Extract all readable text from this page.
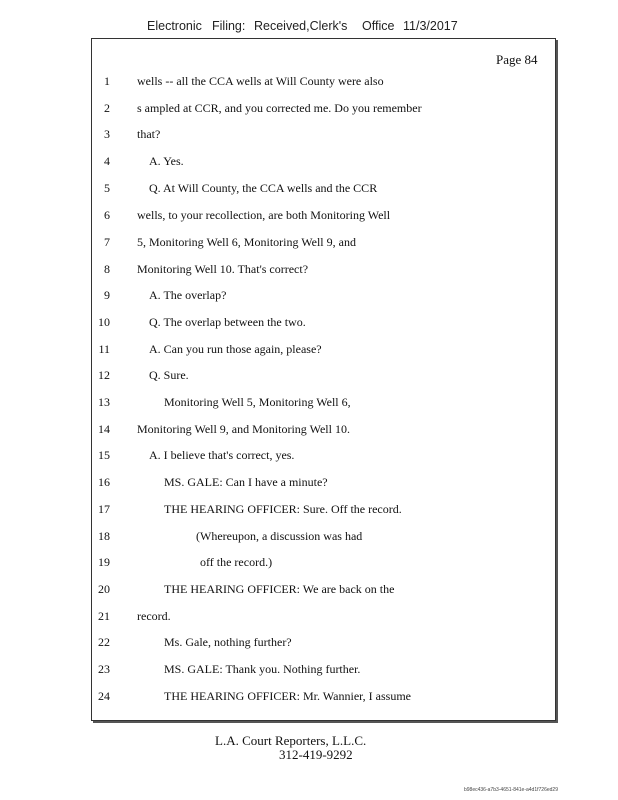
Electronic Filing: Received,Clerk's Office 11/3/2017
Page 84
1 wells -- all the CCA wells at Will County were also
2 s ampled at CCR, and you corrected me. Do you remember
3 that?
4	A. Yes.
5	Q. At Will County, the CCA wells and the CCR
6 wells, to your recollection, are both Monitoring Well
7 5, Monitoring Well 6, Monitoring Well 9, and
8 Monitoring Well 10. That's correct?
9	A. The overlap?
10	Q. The overlap between the two.
11	A. Can you run those again, please?
12	Q. Sure.
13	Monitoring Well 5, Monitoring Well 6,
14 Monitoring Well 9, and Monitoring Well 10.
15	A. I believe that's correct, yes.
16	MS. GALE: Can I have a minute?
17	THE HEARING OFFICER: Sure. Off the record.
18	(Whereupon, a discussion was had
19	off the record.)
20	THE HEARING OFFICER: We are back on the
21 record.
22	Ms. Gale, nothing further?
23	MS. GALE: Thank you. Nothing further.
24	THE HEARING OFFICER: Mr. Wannier, I assume
L.A. Court Reporters, L.L.C.
312-419-9292
b98ec436-a7b3-4651-841e-a4d1f726ed29
